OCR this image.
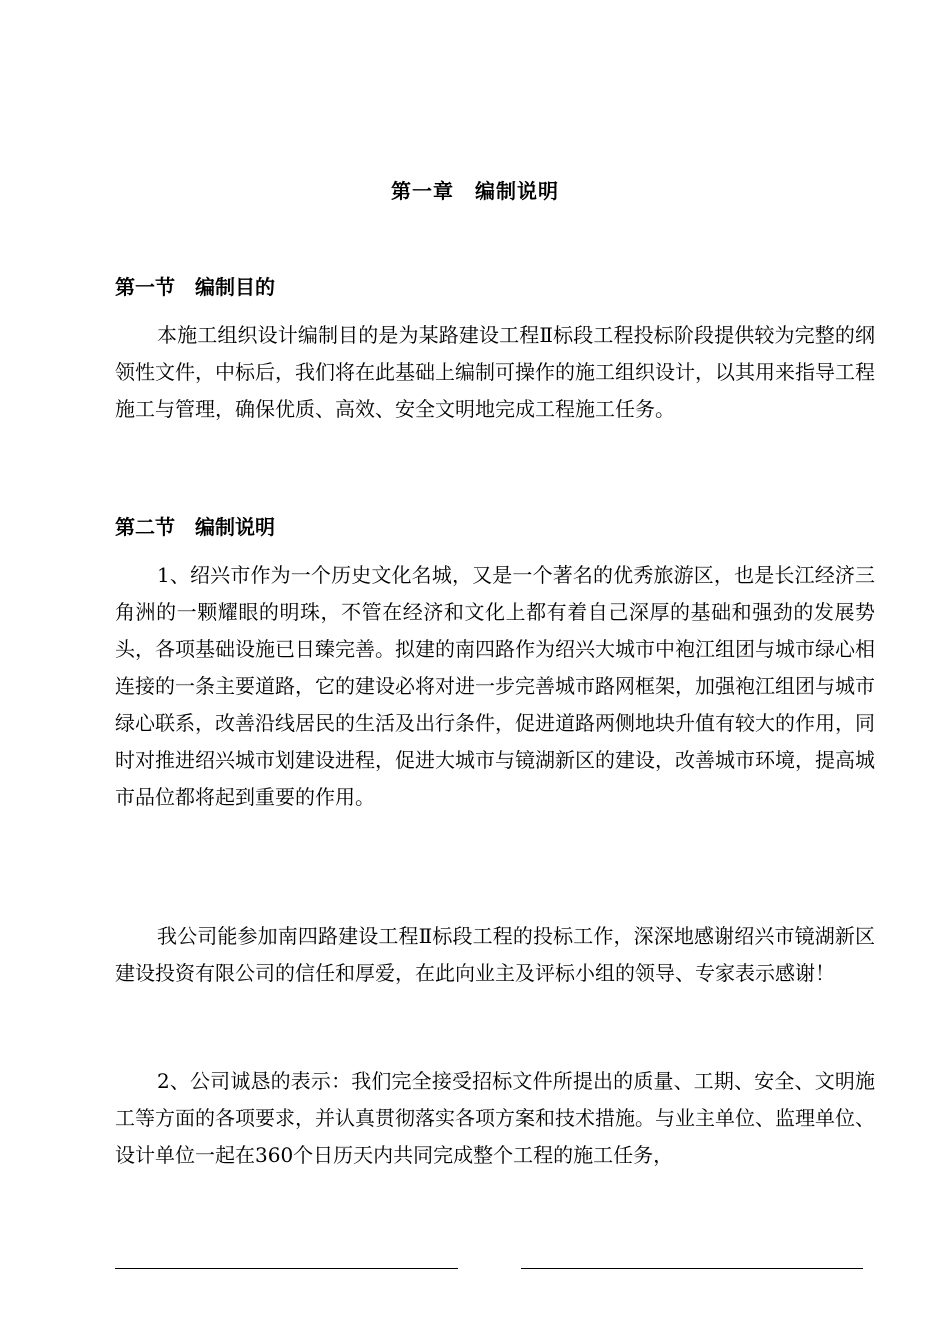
第一章　编制说明
第一节　编制目的

本施工组织设计编制目的是为某路建设工程Ⅱ标段工程投标阶段提供较为完整的纲领性文件，中标后，我们将在此基础上编制可操作的施工组织设计，以其用来指导工程施工与管理，确保优质、高效、安全文明地完成工程施工任务。

第二节　编制说明

1、绍兴市作为一个历史文化名城，又是一个著名的优秀旅游区，也是长江经济三角洲的一颗耀眼的明珠，不管在经济和文化上都有着自己深厚的基础和强劲的发展势头，各项基础设施已日臻完善。拟建的南四路作为绍兴大城市中袍江组团与城市绿心相连接的一条主要道路，它的建设必将对进一步完善城市路网框架，加强袍江组团与城市绿心联系，改善沿线居民的生活及出行条件，促进道路两侧地块升值有较大的作用，同时对推进绍兴城市划建设进程，促进大城市与镜湖新区的建设，改善城市环境，提高城市品位都将起到重要的作用。

我公司能参加南四路建设工程Ⅱ标段工程的投标工作，深深地感谢绍兴市镜湖新区建设投资有限公司的信任和厚爱，在此向业主及评标小组的领导、专家表示感谢！

2、公司诚恳的表示：我们完全接受招标文件所提出的质量、工期、安全、文明施工等方面的各项要求，并认真贯彻落实各项方案和技术措施。与业主单位、监理单位、设计单位一起在360个日历天内共同完成整个工程的施工任务，
